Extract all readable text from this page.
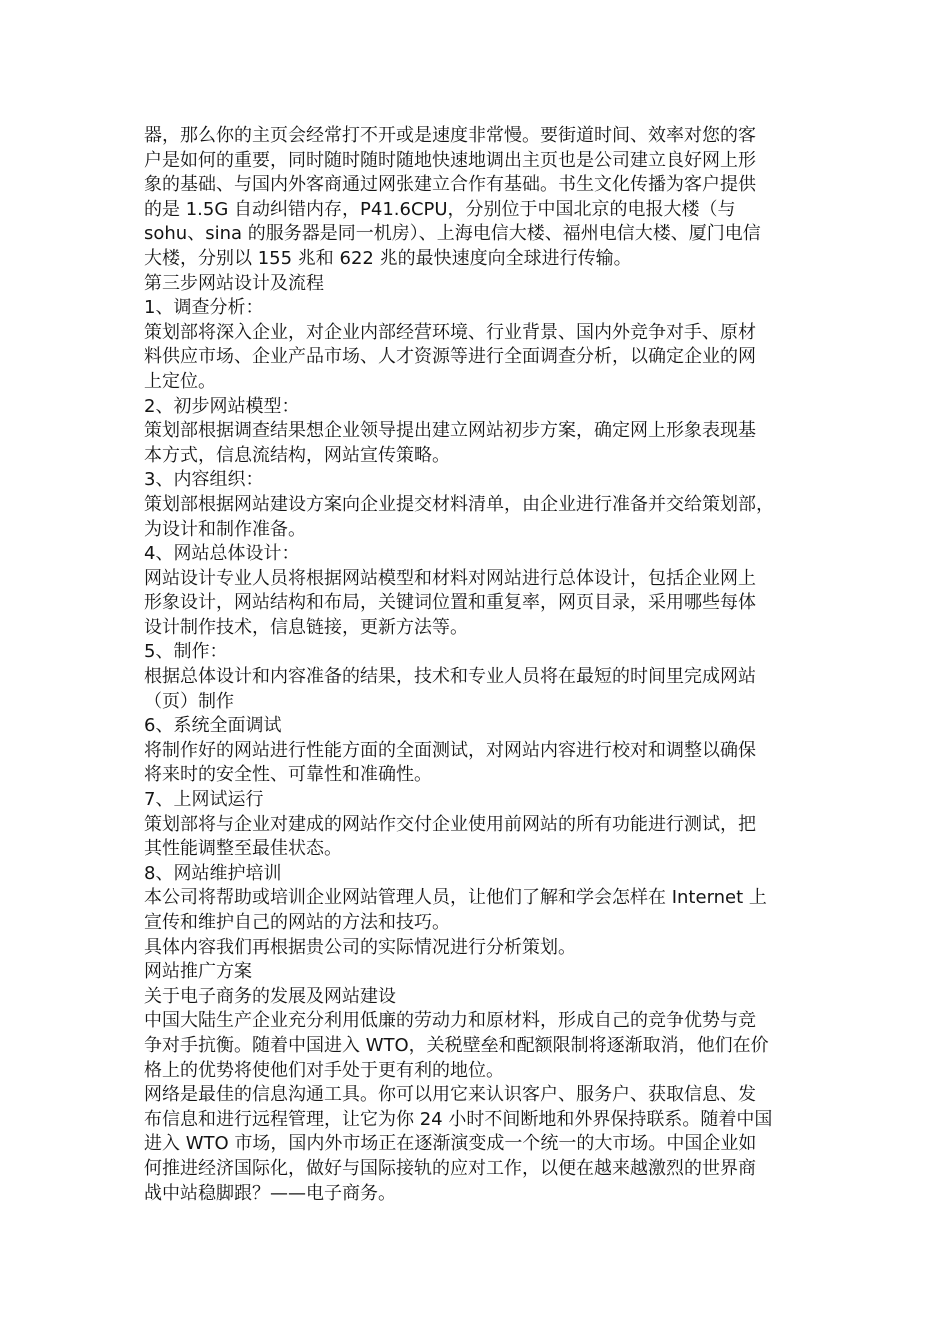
器，那么你的主页会经常打不开或是速度非常慢。要街道时间、效率对您的客
户是如何的重要，同时随时随时随地快速地调出主页也是公司建立良好网上形
象的基础、与国内外客商通过网张建立合作有基础。书生文化传播为客户提供
的是 1.5G 自动纠错内存，P41.6CPU，分别位于中国北京的电报大楼（与
sohu、sina 的服务器是同一机房）、上海电信大楼、福州电信大楼、厦门电信
大楼，分别以 155 兆和 622 兆的最快速度向全球进行传输。
第三步网站设计及流程
1、调查分析：
策划部将深入企业，对企业内部经营环境、行业背景、国内外竞争对手、原材
料供应市场、企业产品市场、人才资源等进行全面调查分析，以确定企业的网
上定位。
2、初步网站模型：
策划部根据调查结果想企业领导提出建立网站初步方案，确定网上形象表现基
本方式，信息流结构，网站宣传策略。
3、内容组织：
策划部根据网站建设方案向企业提交材料清单，由企业进行准备并交给策划部，
为设计和制作准备。
4、网站总体设计：
网站设计专业人员将根据网站模型和材料对网站进行总体设计，包括企业网上
形象设计，网站结构和布局，关键词位置和重复率，网页目录，采用哪些每体
设计制作技术，信息链接，更新方法等。
5、制作：
根据总体设计和内容准备的结果，技术和专业人员将在最短的时间里完成网站
（页）制作
6、系统全面调试
将制作好的网站进行性能方面的全面测试，对网站内容进行校对和调整以确保
将来时的安全性、可靠性和准确性。
7、上网试运行
策划部将与企业对建成的网站作交付企业使用前网站的所有功能进行测试，把
其性能调整至最佳状态。
8、网站维护培训
本公司将帮助或培训企业网站管理人员，让他们了解和学会怎样在 Internet 上
宣传和维护自己的网站的方法和技巧。
具体内容我们再根据贵公司的实际情况进行分析策划。
网站推广方案
关于电子商务的发展及网站建设
中国大陆生产企业充分利用低廉的劳动力和原材料，形成自己的竞争优势与竞
争对手抗衡。随着中国进入 WTO，关税壁垒和配额限制将逐渐取消，他们在价
格上的优势将使他们对手处于更有利的地位。
网络是最佳的信息沟通工具。你可以用它来认识客户、服务户、获取信息、发
布信息和进行远程管理，让它为你 24 小时不间断地和外界保持联系。随着中国
进入 WTO 市场，国内外市场正在逐渐演变成一个统一的大市场。中国企业如
何推进经济国际化，做好与国际接轨的应对工作，以便在越来越激烈的世界商
战中站稳脚跟？——电子商务。
